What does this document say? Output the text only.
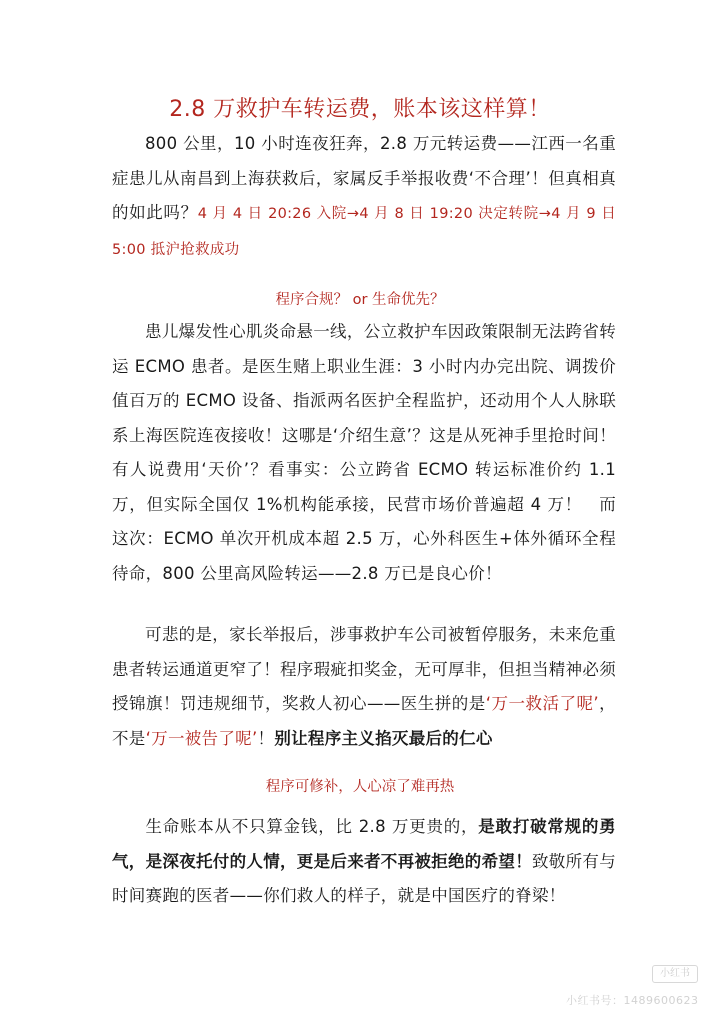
2.8 万救护车转运费，账本该这样算！

800 公里，10 小时连夜狂奔，2.8 万元转运费——江西一名重症患儿从南昌到上海获救后，家属反手举报收费‘不合理’！但真相真的如此吗？4 月 4 日 20:26 入院→4 月 8 日 19:20 决定转院→4 月 9 日 5:00 抵沪抢救成功

程序合规？ or 生命优先？

患儿爆发性心肌炎命悬一线，公立救护车因政策限制无法跨省转运 ECMO 患者。是医生赌上职业生涯：3 小时内办完出院、调拨价值百万的 ECMO 设备、指派两名医护全程监护，还动用个人人脉联系上海医院连夜接收！这哪是‘介绍生意’？这是从死神手里抢时间！有人说费用‘天价’？看事实：公立跨省 ECMO 转运标准价约 1.1 万，但实际全国仅 1%机构能承接，民营市场价普遍超 4 万！　而这次：ECMO 单次开机成本超 2.5 万，心外科医生+体外循环全程待命，800 公里高风险转运——2.8 万已是良心价！

可悲的是，家长举报后，涉事救护车公司被暂停服务，未来危重患者转运通道更窄了！程序瑕疵扣奖金，无可厚非，但担当精神必须授锦旗！罚违规细节，奖救人初心——医生拼的是‘万一救活了呢’，不是‘万一被告了呢’！别让程序主义掐灭最后的仁心

程序可修补，人心凉了难再热

生命账本从不只算金钱，比 2.8 万更贵的，是敢打破常规的勇气，是深夜托付的人情，更是后来者不再被拒绝的希望！致敬所有与时间赛跑的医者——你们救人的样子，就是中国医疗的脊梁！

小红书
小红书号：1489600623
